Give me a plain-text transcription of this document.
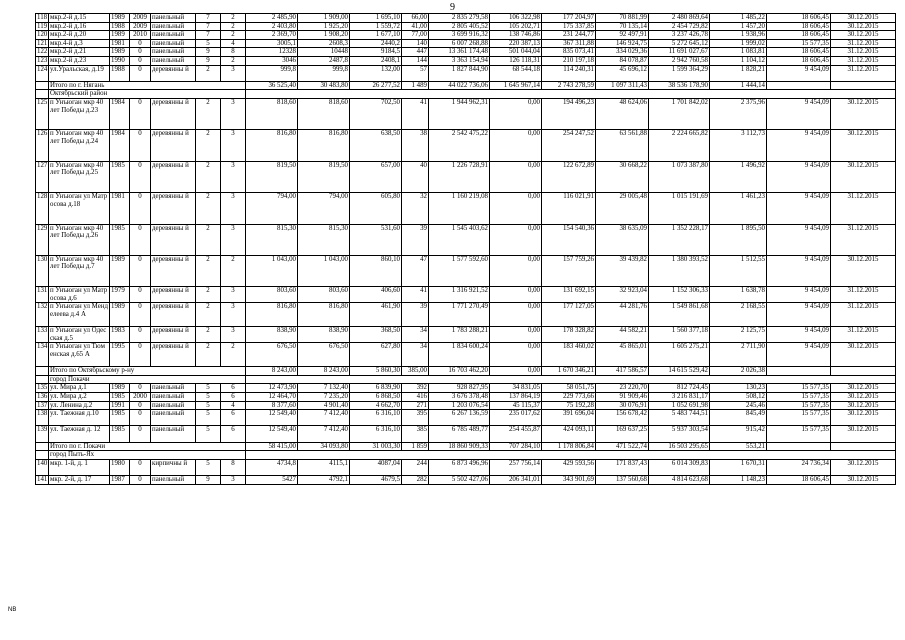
9
118	мкр.2-й д.15	1989	2009	панельный	7	2	2 485,90	1 909,00	1 695,10	66,00	2 835 279,58	106 322,98	177 204,97	70 881,99	2 480 869,64	1 485,22	18 606,45	30.12.2015
119	мкр.2-й д.16	1988	2009	панельный	7	2	2 403,80	1 925,20	1 559,72	41,00	2 805 405,52	105 202,71	175 337,85	70 135,14	2 454 729,82	1 457,20	18 606,45	30.12.2015
120	мкр.2-й д.20	1989	2010	панельный	7	2	2 369,70	1 908,20	1 677,10	77,00	3 699 916,32	138 746,86	231 244,77	92 497,91	3 237 426,78	1 938,96	18 606,45	30.12.2015
121	мкр.4-й д.3	1981	0	панельный	5	4	3005,1	2608,3	2440,2	140	6 007 268,88	220 387,13	367 311,88	146 924,75	5 272 645,12	1 999,02	15 577,35	31.12.2015
122	мкр.2-й д.21	1989	0	панельный	9	8	12328	10448	9184,5	447	13 361 174,48	501 044,04	835 073,41	334 029,36	11 691 027,67	1 083,81	18 606,45	31.12.2015
123	мкр.2-й д.23	1990	0	панельный	9	2	3046	2487,8	2408,1	144	3 363 154,94	126 118,31	210 197,18	84 078,87	2 942 760,58	1 104,12	18 606,45	31.12.2015
124	ул.Уральская, д.19	1988	0	деревянны й	2	3	999,8	999,8	132,00	57	1 827 844,90	68 544,18	114 240,31	45 696,12	1 599 364,29	1 828,21	9 454,09	31.12.2015
	Итого по г. Нягань						36 525,40	30 483,80	26 277,52	1 489	44 022 736,06	1 645 967,14	2 743 278,59	1 097 311,43	38 536 178,90	1 444,14		
	Октябрьский район																	
125	п Унъюган мкр 40 лет Победы д.23	1984	0	деревянны й	2	3	818,60	818,60	702,50	41	1 944 962,31	0,00	194 496,23	48 624,06	1 701 842,02	2 375,96	9 454,09	30.12.2015
126	п Унъюган мкр 40 лет Победы д.24	1984	0	деревянны й	2	3	816,80	816,80	638,50	38	2 542 475,22	0,00	254 247,52	63 561,88	2 224 665,82	3 112,73	9 454,09	30.12.2015
127	п Унъюган мкр 40 лет Победы д.25	1985	0	деревянны й	2	3	819,50	819,50	657,00	40	1 226 728,91	0,00	122 672,89	30 668,22	1 073 387,80	1 496,92	9 454,09	30.12.2015
128	п Унъюган ул Матросова д.18	1981	0	деревянны й	2	3	794,00	794,00	605,80	32	1 160 219,08	0,00	116 021,91	29 005,48	1 015 191,69	1 461,23	9 454,09	31.12.2015
129	п Унъюган мкр 40 лет Победы д.26	1985	0	деревянны й	2	3	815,30	815,30	531,60	39	1 545 403,62	0,00	154 540,36	38 635,09	1 352 228,17	1 895,50	9 454,09	31.12.2015
130	п Унъюган мкр 40 лет Победы д.7	1989	0	деревянны й	2	2	1 043,00	1 043,00	860,10	47	1 577 592,60	0,00	157 759,26	39 439,82	1 380 393,52	1 512,55	9 454,09	30.12.2015
131	п Унъюган ул Матросова д.6	1979	0	деревянны й	2	3	803,60	803,60	406,60	41	1 316 921,52	0,00	131 692,15	32 923,04	1 152 306,33	1 638,78	9 454,09	31.12.2015
132	п Унъюган ул Менделеева д.4 А	1989	0	деревянны й	2	3	816,80	816,80	461,90	39	1 771 270,49	0,00	177 127,05	44 281,76	1 549 861,68	2 168,55	9 454,09	31.12.2015
133	п Унъюган ул Одесская д.5	1983	0	деревянны й	2	3	838,90	838,90	368,50	34	1 783 288,21	0,00	178 328,82	44 582,21	1 560 377,18	2 125,75	9 454,09	31.12.2015
134	п Унъюган ул Тюменская д.65 А	1995	0	деревянны й	2	2	676,50	676,50	627,80	34	1 834 600,24	0,00	183 460,02	45 865,01	1 605 275,21	2 711,90	9 454,09	30.12.2015
	Итого по Октябрьскому р-ну						8 243,00	8 243,00	5 860,30	385,00	16 703 462,20	0,00	1 670 346,21	417 586,57	14 615 529,42	2 026,38		
	город Покачи																	
135	ул. Мира д.1	1989	0	панельный	5	6	12 473,90	7 132,40	6 839,90	392	928 827,95	34 831,05	58 051,75	23 220,70	812 724,45	130,23	15 577,35	30.12.2015
136	ул. Мира д.2	1985	2000	панельный	5	6	12 464,70	7 235,20	6 868,50	416	3 676 378,48	137 864,19	229 773,66	91 909,46	3 216 831,17	508,12	15 577,35	30.12.2015
137	ул. Ленина д.2	1991	0	панельный	5	4	8 377,60	4 901,40	4 662,70	271	1 203 076,54	45 115,37	75 192,28	30 076,91	1 052 691,98	245,46	15 577,35	30.12.2015
138	ул. Таежная д.10	1985	0	панельный	5	6	12 549,40	7 412,40	6 316,10	395	6 267 136,59	235 017,62	391 696,04	156 678,42	5 483 744,51	845,49	15 577,35	30.12.2015
139	ул. Таежная д. 12	1985	0	панельный	5	6	12 549,40	7 412,40	6 316,10	385	6 785 489,77	254 455,87	424 093,11	169 637,25	5 937 303,54	915,42	15 577,35	30.12.2015
	Итого по г. Покачи						58 415,00	34 093,80	31 003,30	1 859	18 860 909,33	707 284,10	1 178 806,84	471 522,74	16 503 295,65	553,21		
	город Пыть-Ях																	
140	мкр. 1-й, д. 1	1980	0	кирпичны й	5	8	4734,8	4115,1	4087,04	244	6 873 496,96	257 756,14	429 593,56	171 837,43	6 014 309,83	1 670,31	24 736,34	30.12.2015
141	мкр. 2-й, д. 17	1987	0	панельный	9	3	5427	4792,1	4679,5	282	5 502 427,06	206 341,01	343 901,69	137 560,68	4 814 623,68	1 148,23	18 606,45	30.12.2015
NB
